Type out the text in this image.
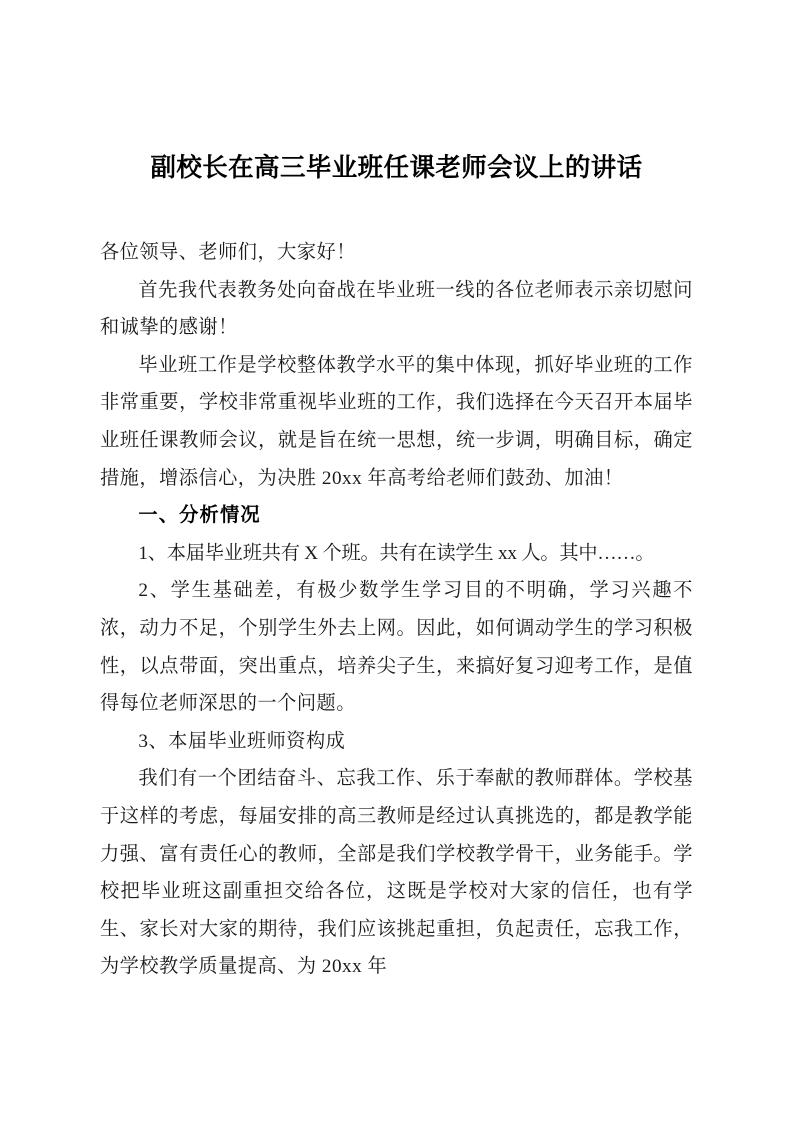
副校长在高三毕业班任课老师会议上的讲话

各位领导、老师们，大家好！

首先我代表教务处向奋战在毕业班一线的各位老师表示亲切慰问和诚挚的感谢！

毕业班工作是学校整体教学水平的集中体现，抓好毕业班的工作非常重要，学校非常重视毕业班的工作，我们选择在今天召开本届毕业班任课教师会议，就是旨在统一思想，统一步调，明确目标，确定措施，增添信心，为决胜 20xx 年高考给老师们鼓劲、加油！

一、分析情况

1、本届毕业班共有 X 个班。共有在读学生 xx 人。其中……。

2、学生基础差，有极少数学生学习目的不明确，学习兴趣不浓，动力不足，个别学生外去上网。因此，如何调动学生的学习积极性，以点带面，突出重点，培养尖子生，来搞好复习迎考工作，是值得每位老师深思的一个问题。

3、本届毕业班师资构成

我们有一个团结奋斗、忘我工作、乐于奉献的教师群体。学校基于这样的考虑，每届安排的高三教师是经过认真挑选的，都是教学能力强、富有责任心的教师，全部是我们学校教学骨干，业务能手。学校把毕业班这副重担交给各位，这既是学校对大家的信任，也有学生、家长对大家的期待，我们应该挑起重担，负起责任，忘我工作，为学校教学质量提高、为 20xx 年
